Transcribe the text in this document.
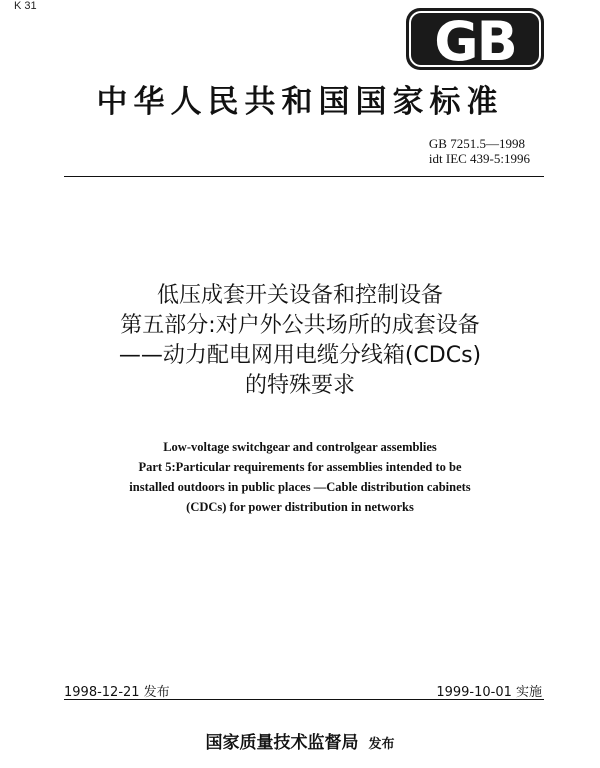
K 31
GB
中华人民共和国国家标准
GB 7251.5—1998
idt IEC 439-5:1996
低压成套开关设备和控制设备
第五部分:对户外公共场所的成套设备
——动力配电网用电缆分线箱(CDCs)
的特殊要求
Low-voltage switchgear and controlgear assemblies
Part 5:Particular requirements for assemblies intended to be
installed outdoors in public places —Cable distribution cabinets
(CDCs) for power distribution in networks
1998-12-21 发布	1999-10-01 实施
国家质量技术监督局 发布
